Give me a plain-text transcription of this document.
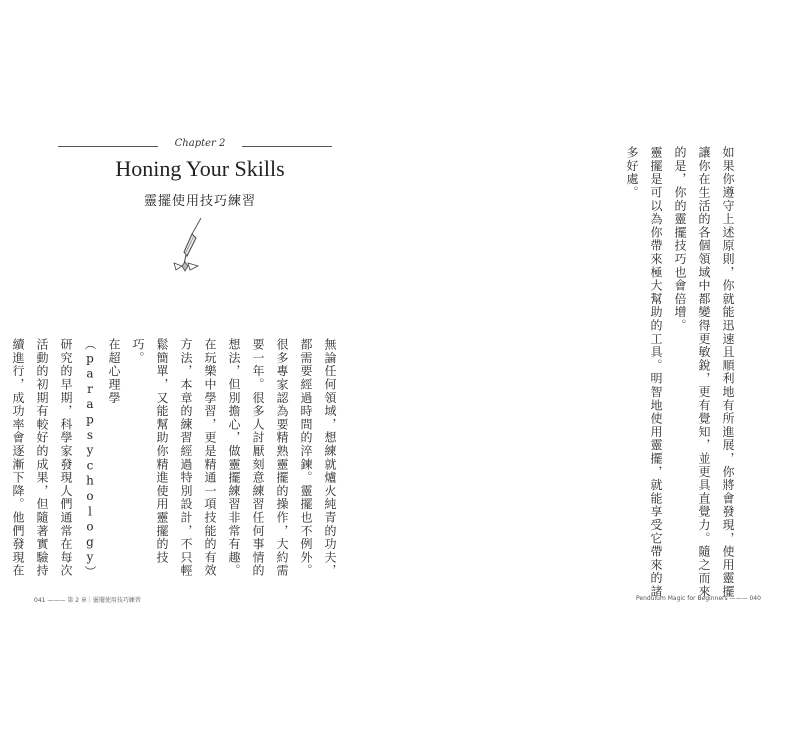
Chapter 2
Honing Your Skills
靈擺使用技巧練習

無論任何領域，想練就爐火純青的功夫，都需要經過時間的淬鍊。靈擺也不例外。很多專家認為要精熟靈擺的操作，大約需要一年。很多人討厭刻意練習任何事情的想法，但別擔心，做靈擺練習非常有趣。在玩樂中學習，更是精通一項技能的有效方法，本章的練習經過特別設計，不只輕鬆簡單，又能幫助你精進使用靈擺的技巧。

在超心理學（parapsychology）研究的早期，科學家發現人們通常在每次活動的初期有較好的成果，但隨著實驗持續進行，成功率會逐漸下降。他們發現在

041 ——— 第 2 章｜靈擺使用技巧練習

如果你遵守上述原則，你就能迅速且順利地有所進展，你將會發現，使用靈擺讓你在生活的各個領域中都變得更敏銳，更有覺知，並更具直覺力。隨之而來的是，你的靈擺技巧也會倍增。

靈擺是可以為你帶來極大幫助的工具。明智地使用靈擺，就能享受它帶來的諸多好處。

Pendulum Magic for Beginners ——— 040
